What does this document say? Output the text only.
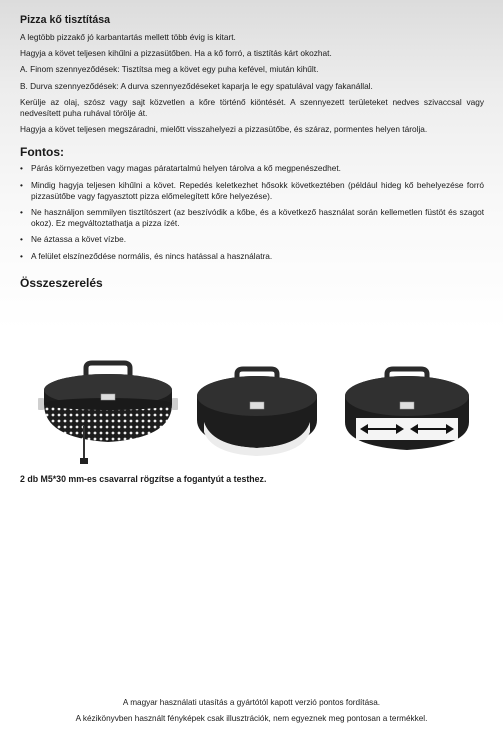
Pizza kő tisztítása

A legtöbb pizzakő jó karbantartás mellett több évig is kitart.

Hagyja a követ teljesen kihűlni a pizzasütőben. Ha a kő forró, a tisztítás kárt okozhat.

A. Finom szennyeződések: Tisztítsa meg a követ egy puha kefével, miután kihűlt.

B. Durva szennyeződések: A durva szennyeződéseket kaparja le egy spatulával vagy fakanállal.

Kerülje az olaj, szósz vagy sajt közvetlen a kőre történő kiöntését. A szennyezett területeket nedves szivaccsal vagy nedvesített puha ruhával törölje át.

Hagyja a követ teljesen megszáradni, mielőtt visszahelyezi a pizzasütőbe, és száraz, pormentes helyen tárolja.

Fontos:
• Párás környezetben vagy magas páratartalmú helyen tárolva a kő megpenészedhet.
• Mindig hagyja teljesen kihűlni a követ. Repedés keletkezhet hősokk következtében (például hideg kő behelyezése forró pizzasütőbe vagy fagyasztott pizza előmelegített kőre helyezése).
• Ne használjon semmilyen tisztítószert (az beszívódik a kőbe, és a következő használat során kellemetlen füstöt és szagot okoz). Ez megváltoztathatja a pizza ízét.
• Ne áztassa a követ vízbe.
• A felület elszíneződése normális, és nincs hatással a használatra.
Összeszerelés
2 db M5*30 mm-es csavarral rögzítse a fogantyút a testhez.
A magyar használati utasítás a gyártótól kapott verzió pontos fordítása.
A kézikönyvben használt fényképek csak illusztrációk, nem egyeznek meg pontosan a termékkel.
